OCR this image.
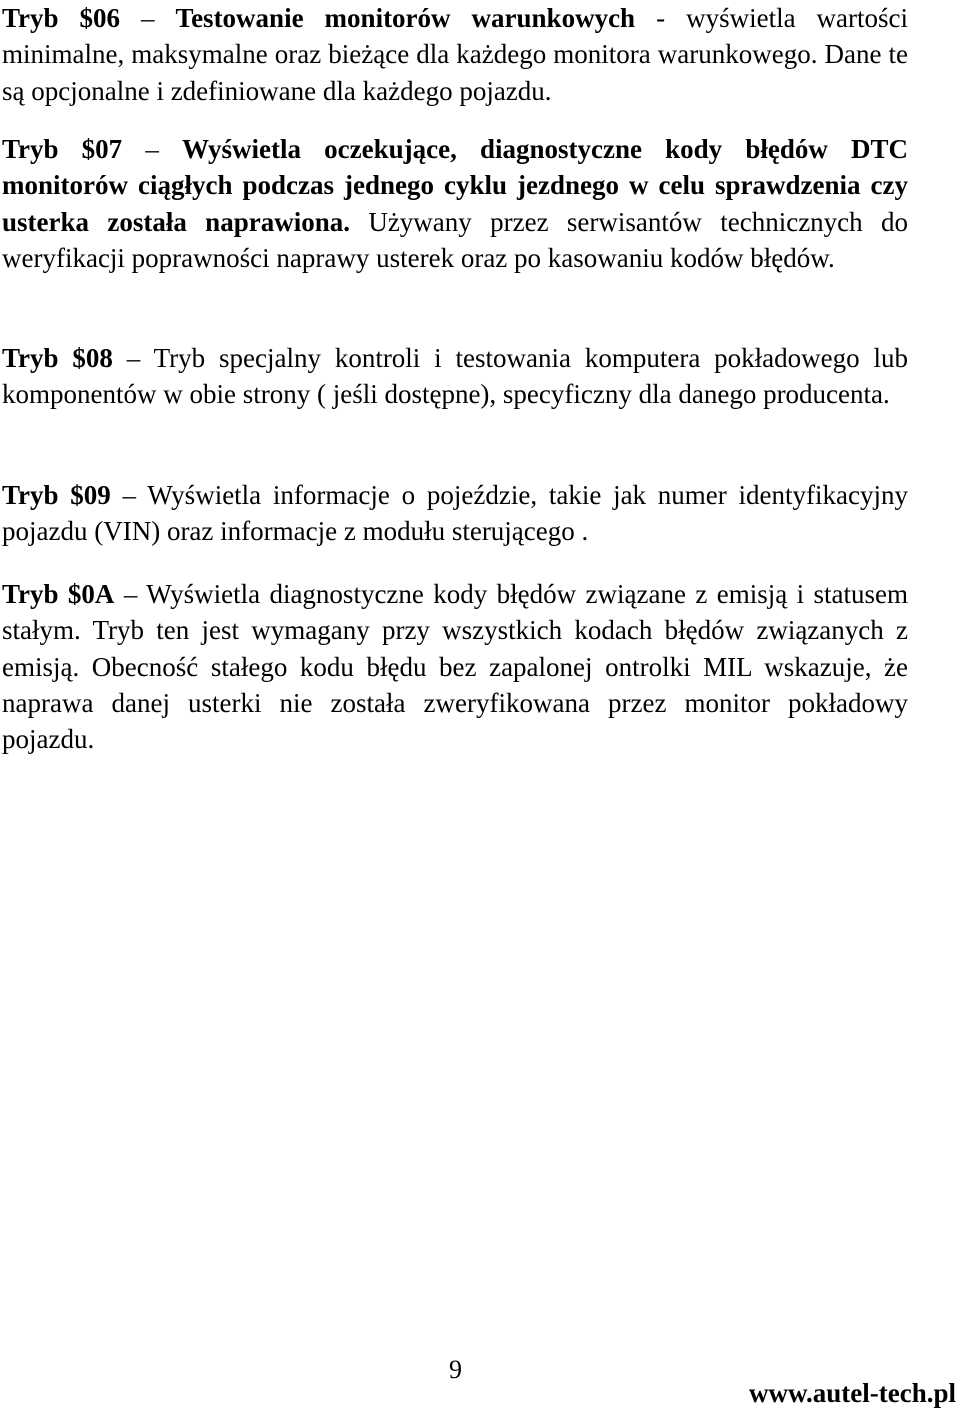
Tryb $06 – Testowanie monitorów warunkowych - wyświetla wartości minimalne, maksymalne oraz bieżące dla każdego monitora warunkowego. Dane te są opcjonalne i zdefiniowane dla każdego pojazdu.

Tryb $07 – Wyświetla oczekujące, diagnostyczne kody błędów DTC monitorów ciągłych podczas jednego cyklu jezdnego w celu sprawdzenia czy usterka została naprawiona. Używany przez serwisantów technicznych do weryfikacji poprawności naprawy usterek oraz po kasowaniu kodów błędów.

Tryb $08 – Tryb specjalny kontroli i testowania komputera pokładowego lub komponentów w obie strony ( jeśli dostępne), specyficzny dla danego producenta.

Tryb $09 – Wyświetla informacje o pojeździe, takie jak numer identyfikacyjny pojazdu (VIN) oraz informacje z modułu sterującego .

Tryb $0A – Wyświetla diagnostyczne kody błędów związane z emisją i statusem stałym. Tryb ten jest wymagany przy wszystkich kodach błędów związanych z emisją. Obecność stałego kodu błędu bez zapalonej ontrolki MIL wskazuje, że naprawa danej usterki nie została zweryfikowana przez monitor pokładowy pojazdu.

9
www.autel-tech.pl
